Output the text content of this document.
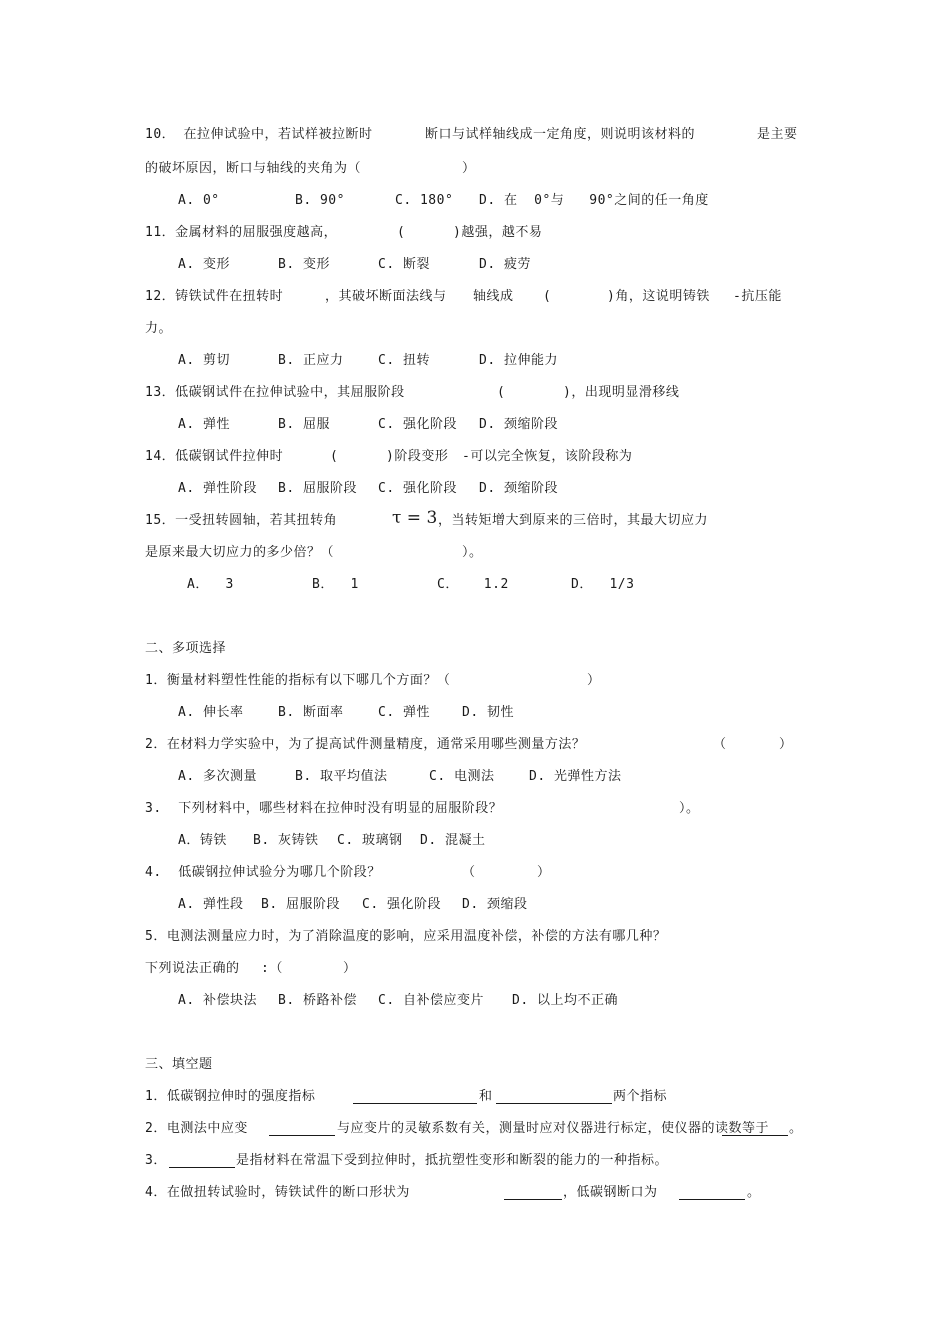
10． 在拉伸试验中，若试样被拉断时	断口与试样轴线成一定角度，则说明该材料的	是主要
的破坏原因，断口与轴线的夹角为（	）
A. 0°	B. 90°	C. 180° D. 在  0°与   90°之间的任一角度
11．金属材料的屈服强度越高，	(	)越强，越不易
A. 变形	B. 变形	C. 断裂	D. 疲劳
12．铸铁试件在扭转时	，其破坏断面法线与 轴线成 (	)角，这说明铸铁 -抗压能
力。
A. 剪切	B. 正应力	C. 扭转	D. 拉伸能力
13．低碳钢试件在拉伸试验中，其屈服阶段	(	)，出现明显滑移线
A. 弹性	B. 屈服	C. 强化阶段 D. 颈缩阶段
14．低碳钢试件拉伸时	(	)阶段变形 -可以完全恢复，该阶段称为
A. 弹性阶段 B. 屈服阶段 C. 强化阶段 D. 颈缩阶段
15．一受扭转圆轴，若其扭转角	τ = 3 ，当转矩增大到原来的三倍时，其最大切应力
是原来最大切应力的多少倍？（	）。
A．  3	B．  1	C．   1.2	D．  1/3
二、多项选择
1．衡量材料塑性性能的指标有以下哪几个方面？（	）
A. 伸长率	B. 断面率	C. 弹性 D. 韧性
2．在材料力学实验中，为了提高试件测量精度，通常采用哪些测量方法？	（	）
A. 多次测量	B. 取平均值法	C. 电测法	D. 光弹性方法
3.  下列材料中，哪些材料在拉伸时没有明显的屈服阶段？	）。
A．铸铁 B. 灰铸铁 C. 玻璃钢 D. 混凝土
4.  低碳钢拉伸试验分为哪几个阶段？	（	）
A. 弹性段 B. 屈服阶段 C. 强化阶段 D. 颈缩段
5．电测法测量应力时，为了消除温度的影响，应采用温度补偿，补偿的方法有哪几种？
下列说法正确的 :（	）
A. 补偿块法 B. 桥路补偿 C. 自补偿应变片 D. 以上均不正确
三、填空题
1．低碳钢拉伸时的强度指标	和	两个指标
2．电测法中应变	与应变片的灵敏系数有关，测量时应对仪器进行标定，使仪器的读数等于 。
3．	是指材料在常温下受到拉伸时，抵抗塑性变形和断裂的能力的一种指标。
4．在做扭转试验时，铸铁试件的断口形状为	，低碳钢断口为	。
